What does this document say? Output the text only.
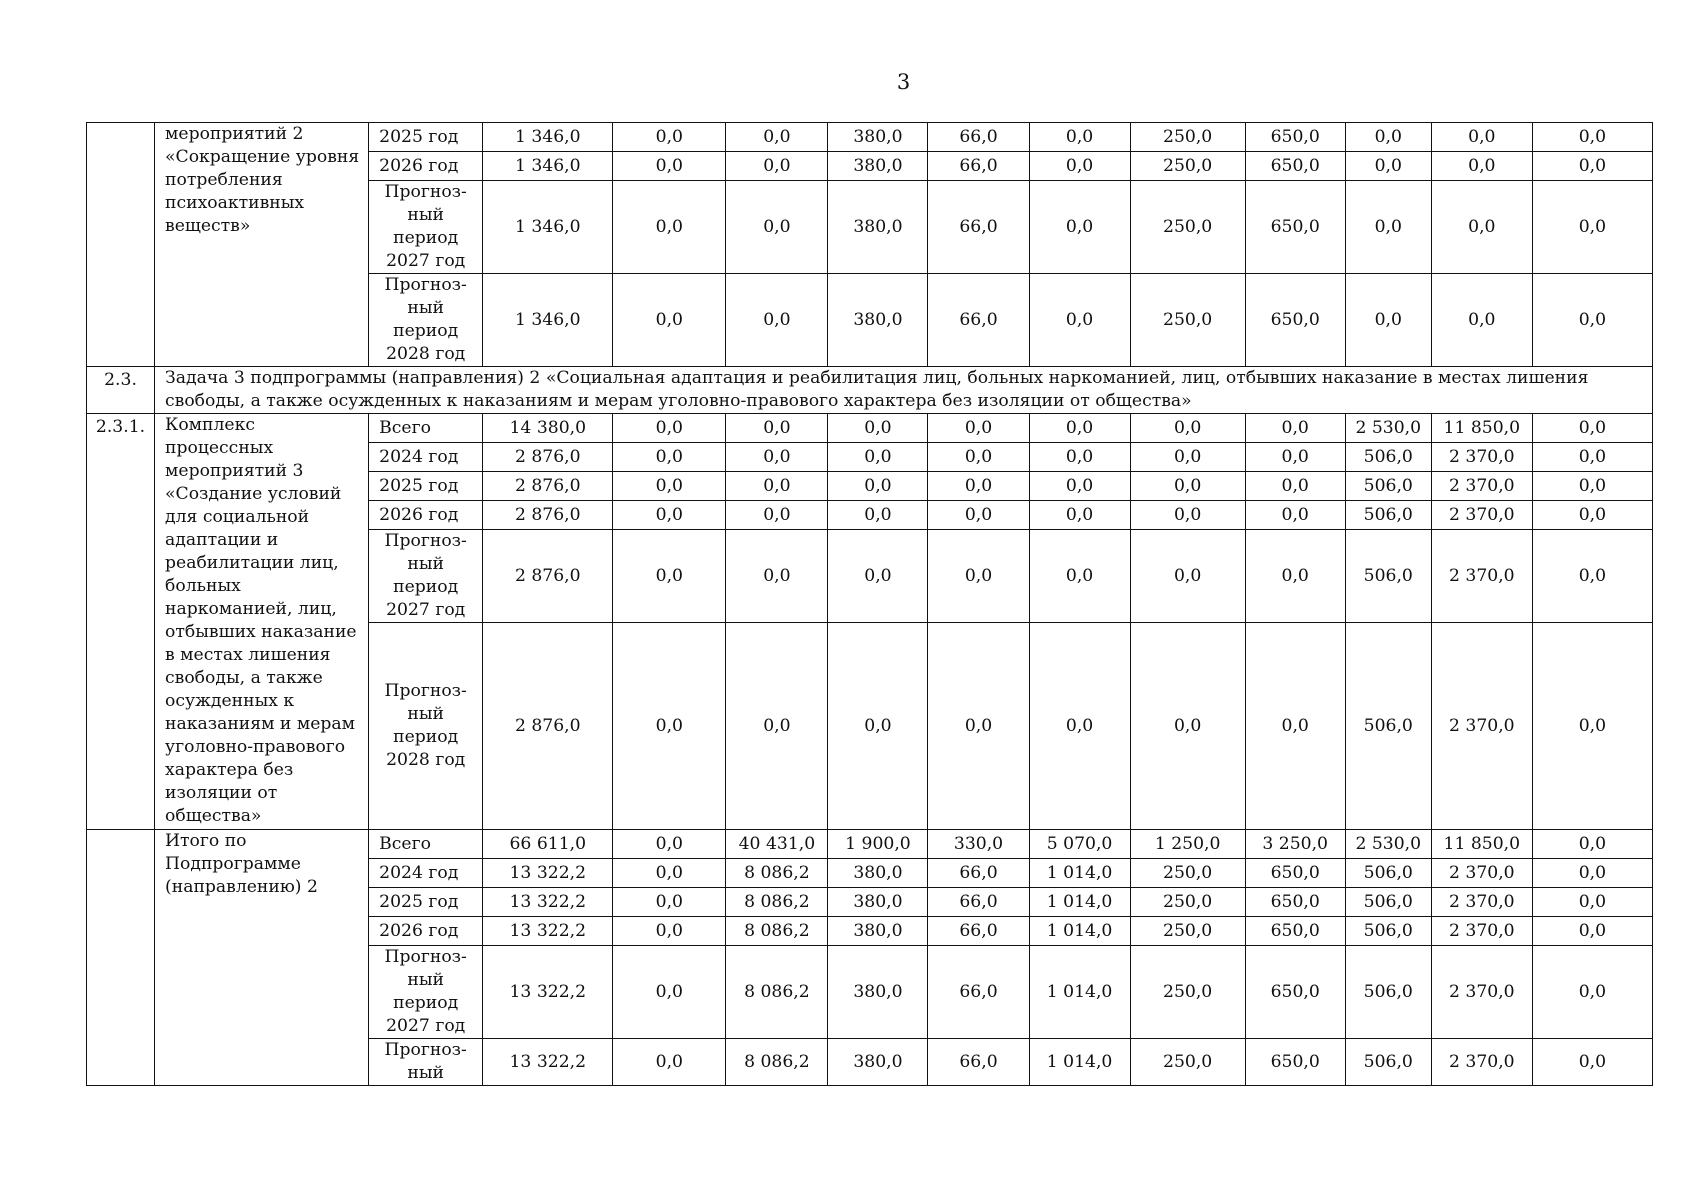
3
	мероприятий 2 «Сокращение уровня потребления психоактивных веществ»	2025 год	1 346,0	0,0	0,0	380,0	66,0	0,0	250,0	650,0	0,0	0,0	0,0
		2026 год	1 346,0	0,0	0,0	380,0	66,0	0,0	250,0	650,0	0,0	0,0	0,0
		Прогноз-
ный
период
2027 год	1 346,0	0,0	0,0	380,0	66,0	0,0	250,0	650,0	0,0	0,0	0,0
		Прогноз-
ный
период
2028 год	1 346,0	0,0	0,0	380,0	66,0	0,0	250,0	650,0	0,0	0,0	0,0
2.3.	Задача 3 подпрограммы (направления) 2 «Социальная адаптация и реабилитация лиц, больных наркоманией, лиц, отбывших наказание в местах лишения свободы, а также осужденных к наказаниям и мерам уголовно-правового характера без изоляции от общества»												
2.3.1.	Комплекс процессных мероприятий 3 «Создание условий для социальной адаптации и реабилитации лиц, больных наркоманией, лиц, отбывших наказание в местах лишения свободы, а также осужденных к наказаниям и мерам уголовно-правового характера без изоляции от общества»	Всего	14 380,0	0,0	0,0	0,0	0,0	0,0	0,0	0,0	2 530,0	11 850,0	0,0
		2024 год	2 876,0	0,0	0,0	0,0	0,0	0,0	0,0	0,0	506,0	2 370,0	0,0
		2025 год	2 876,0	0,0	0,0	0,0	0,0	0,0	0,0	0,0	506,0	2 370,0	0,0
		2026 год	2 876,0	0,0	0,0	0,0	0,0	0,0	0,0	0,0	506,0	2 370,0	0,0
		Прогноз-
ный
период
2027 год	2 876,0	0,0	0,0	0,0	0,0	0,0	0,0	0,0	506,0	2 370,0	0,0
		Прогноз-
ный
период
2028 год	2 876,0	0,0	0,0	0,0	0,0	0,0	0,0	0,0	506,0	2 370,0	0,0
	Итого по Подпрограмме (направлению) 2	Всего	66 611,0	0,0	40 431,0	1 900,0	330,0	5 070,0	1 250,0	3 250,0	2 530,0	11 850,0	0,0
		2024 год	13 322,2	0,0	8 086,2	380,0	66,0	1 014,0	250,0	650,0	506,0	2 370,0	0,0
		2025 год	13 322,2	0,0	8 086,2	380,0	66,0	1 014,0	250,0	650,0	506,0	2 370,0	0,0
		2026 год	13 322,2	0,0	8 086,2	380,0	66,0	1 014,0	250,0	650,0	506,0	2 370,0	0,0
		Прогноз-
ный
период
2027 год	13 322,2	0,0	8 086,2	380,0	66,0	1 014,0	250,0	650,0	506,0	2 370,0	0,0
		Прогноз-
ный	13 322,2	0,0	8 086,2	380,0	66,0	1 014,0	250,0	650,0	506,0	2 370,0	0,0
